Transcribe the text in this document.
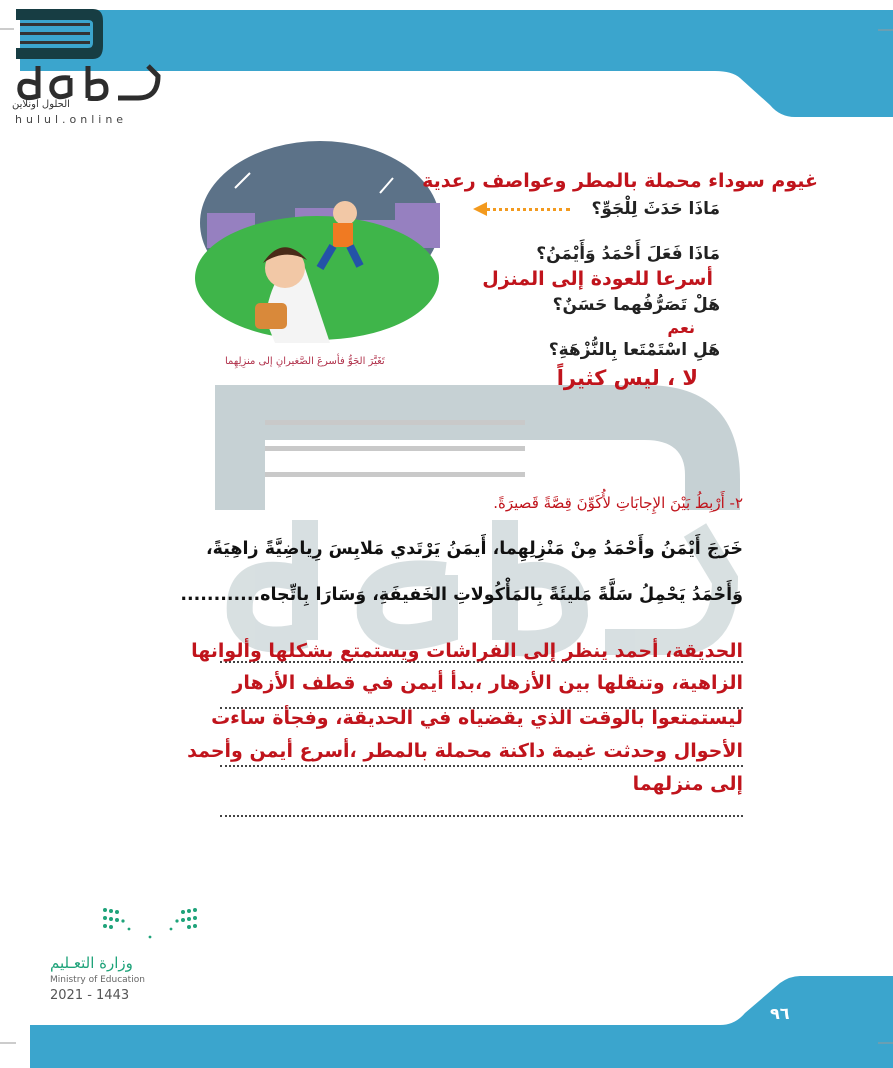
الحلول اونلاين
hulul.online
تَغَيَّرَ الجَوُّ فأسرعَ الصَّغيرانِ إلى منزِلِهِما
غيوم سوداء محملة بالمطر وعواصف رعدية
مَاذَا حَدَثَ لِلْجَوِّ؟
مَاذَا فَعَلَ أَحْمَدُ وَأَيْمَنُ؟
أسرعا للعودة إلى المنزل
هَلْ تَصَرُّفُهما حَسَنٌ؟
نعم
هَلِ اسْتَمْتَعا بِالنُّزْهَةِ؟
لا ، ليس كثيراً
٢- أَرْبِطُ بَيْنَ الإِجابَاتِ لأُكَوِّنَ قِصَّةً قَصيرَةً.
خَرَجَ أَيْمَنُ وأَحْمَدُ مِنْ مَنْزِلِهِما، أَيمَنُ يَرْتَدي مَلابِسَ رِياضِيَّةً زاهِيَةً،
وَأَحْمَدُ يَحْمِلُ سَلَّةً مَليئَةً بِالمَأْكُولاتِ الخَفيفَةِ، وَسَارَا بِاتِّجاه............
الحديقة، أحمد ينظر إلى الفراشات ويستمتع بشكلها وألوانها
الزاهية، وتنقلها بين الأزهار ،بدأ أيمن في قطف الأزهار
ليستمتعوا بالوقت الذي يقضياه في الحديقة، وفجأة ساءت
الأحوال وحدثت غيمة داكنة محملة بالمطر ،أسرع أيمن وأحمد
إلى منزلهما
وزارة التعـليم
Ministry of Education
2021 - 1443
٩٦
